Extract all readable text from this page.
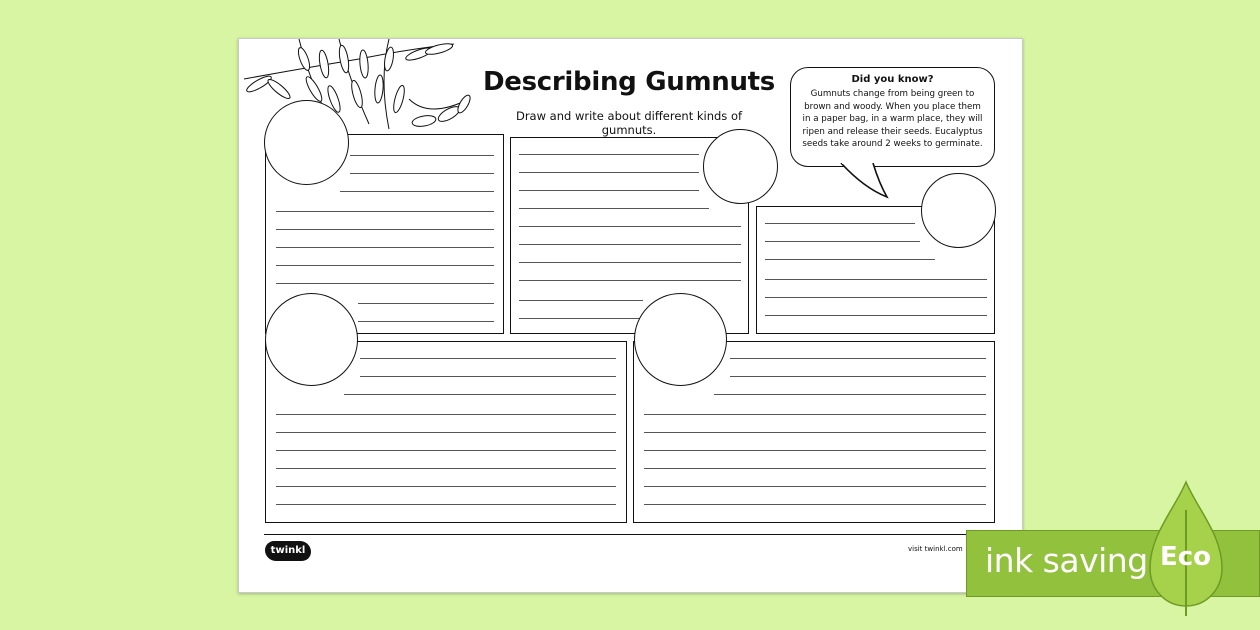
Describing Gumnuts
Draw and write about different kinds of gumnuts.
Did you know?
Gumnuts change from being green to
brown and woody. When you place them
in a paper bag, in a warm place, they will
ripen and release their seeds. Eucalyptus
seeds take around 2 weeks to germinate.
twinkl	visit twinkl.com ink saving Eco
